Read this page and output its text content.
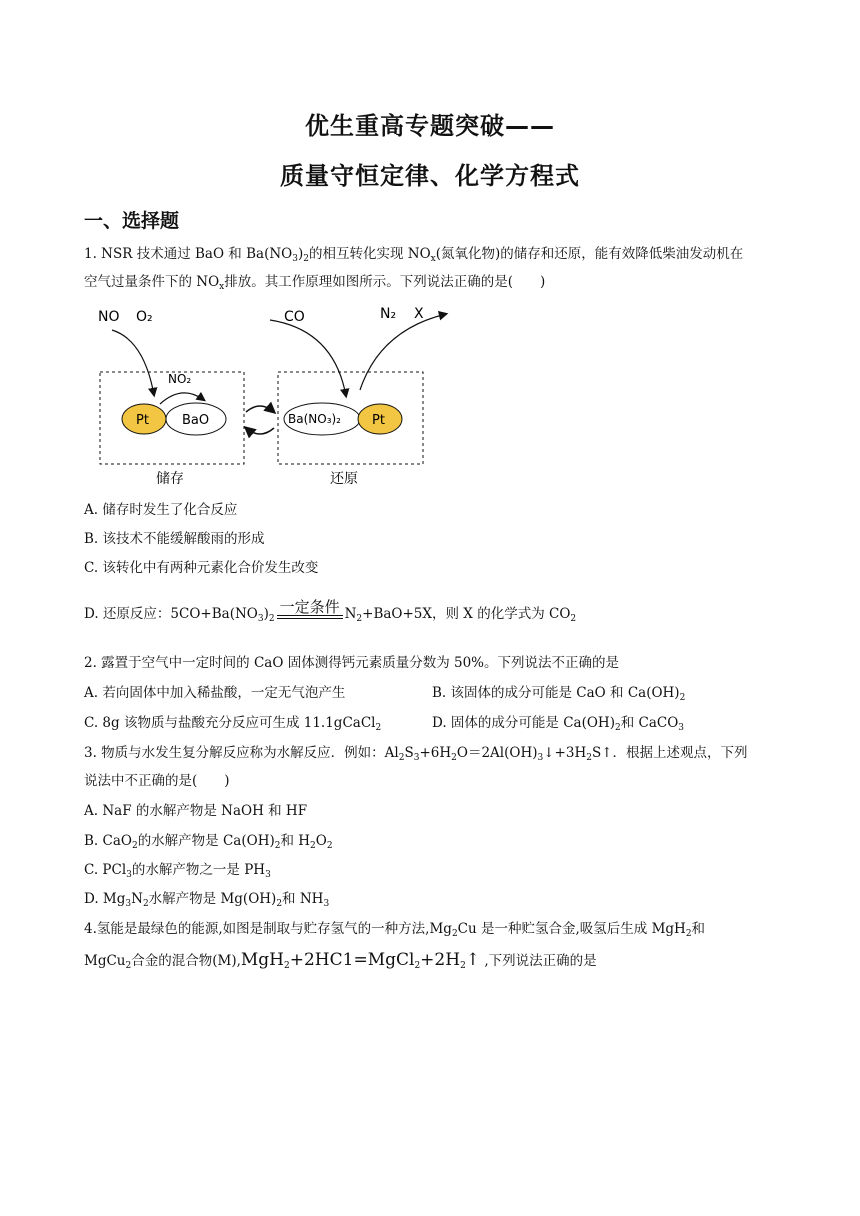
优生重高专题突破——
质量守恒定律、化学方程式
一、选择题
1. NSR 技术通过 BaO 和 $Ba(NO_3)_2$的相互转化实现 $NO_x$(氮氧化物)的储存和还原，能有效降低柴油发动机在
空气过量条件下的 $NO_x$排放。其工作原理如图所示。下列说法正确的是(　　)
NO O₂
NO₂
Pt	BaO
CO	N₂ X
Ba(NO₃)₂ Pt
储存	还原
A. 储存时发生了化合反应
B. 该技术不能缓解酸雨的形成
C. 该转化中有两种元素化合价发生改变
D. 还原反应：$5CO+Ba(NO_3)_2$
一定条件 $N_2+BaO+5X$，则 X 的化学式为 $CO_2$
2. 露置于空气中一定时间的 CaO 固体测得钙元素质量分数为 50%。下列说法不正确的是
A. 若向固体中加入稀盐酸，一定无气泡产生	B. 该固体的成分可能是 CaO 和 $Ca(OH)_2$
C. 8g 该物质与盐酸充分反应可生成 11.1gCaCl$_2$	D. 固体的成分可能是 $Ca(OH)_2$和 CaCO$_3$
3. 物质与水发生复分解反应称为水解反应．例如：$Al_2S_3+6H_2O=2Al(OH)_3↓+3H_2S↑$．根据上述观点，下列
说法中不正确的是(　　)
A. NaF 的水解产物是 NaOH 和 HF
B. CaO$_2$的水解产物是 $Ca(OH)_2$和 $H_2O_2$
C. PCl$_3$的水解产物之一是 $PH_3$
D. $Mg_3N_2$水解产物是 $Mg(OH)_2$和 $NH_3$
4.氢能是最绿色的能源,如图是制取与贮存氢气的一种方法$,Mg_2Cu$ 是一种贮氢合金,吸氢后生成 MgH$_2$和
MgCu$_2$合金的混合物$(M),MgH_2+2HC1=MgCl_2+2H_2↑$ ,下列说法正确的是
